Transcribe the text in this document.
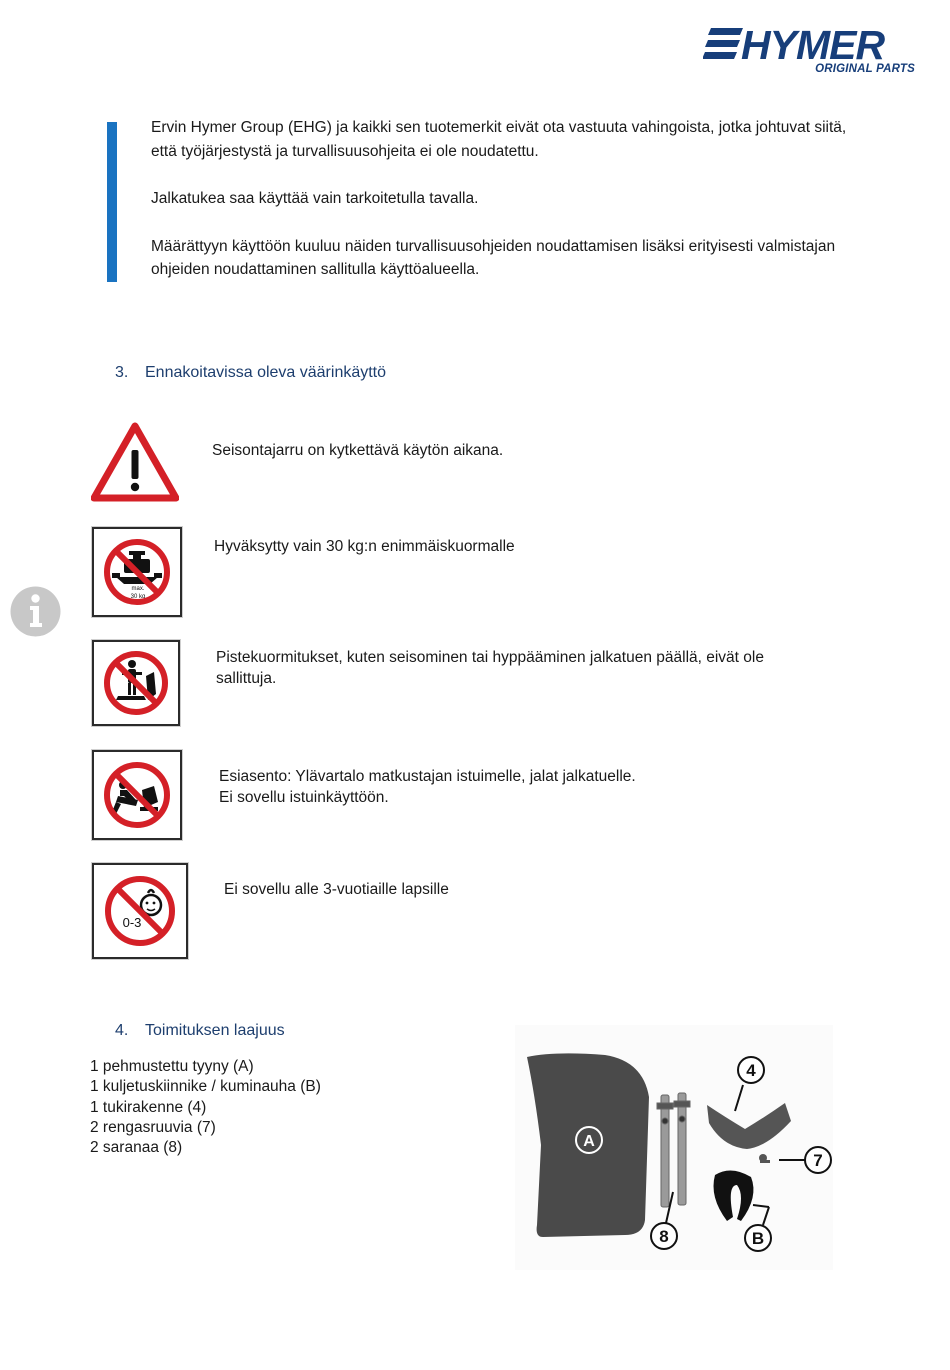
HYMER
ORIGINAL PARTS

Ervin Hymer Group (EHG) ja kaikki sen tuotemerkit eivät ota vastuuta vahingoista, jotka johtuvat siitä, että työjärjestystä ja turvallisuusohjeita ei ole noudatettu.

Jalkatukea saa käyttää vain tarkoitetulla tavalla.

Määrättyyn käyttöön kuuluu näiden turvallisuusohjeiden noudattamisen lisäksi erityisesti valmistajan ohjeiden noudattaminen sallitulla käyttöalueella.

3. Ennakoitavissa oleva väärinkäyttö
Seisontajarru on kytkettävä käytön aikana.
max.
30 kg
Hyväksytty vain 30 kg:n enimmäiskuormalle
Pistekuormitukset, kuten seisominen tai hyppääminen jalkatuen päällä, eivät ole sallittuja.
Esiasento: Ylävartalo matkustajan istuimelle, jalat jalkatuelle.
Ei sovellu istuinkäyttöön.
0-3
Ei sovellu alle 3-vuotiaille lapsille
4. Toimituksen laajuus
1 pehmustettu tyyny (A)
1 kuljetuskiinnike / kuminauha (B)
1 tukirakenne (4)
2 rengasruuvia (7)
2 saranaa (8)	A
8
4
7
B
